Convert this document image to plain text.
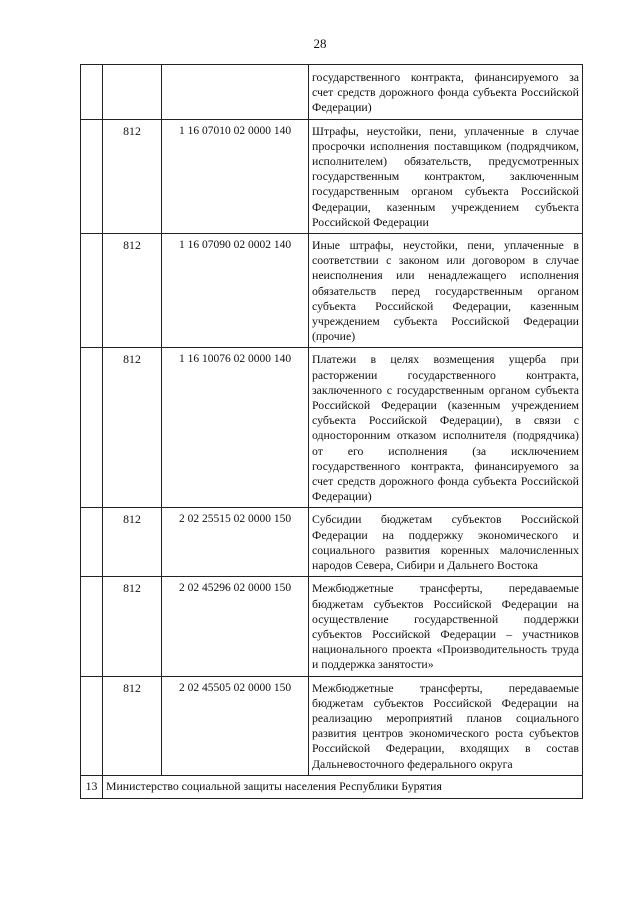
28
			государственного контракта, финансируемого за счет средств дорожного фонда субъекта Российской Федерации)
	812	1 16 07010 02 0000 140	Штрафы, неустойки, пени, уплаченные в случае просрочки исполнения поставщиком (подрядчиком, исполнителем) обязательств, предусмотренных государственным контрактом, заключенным государственным органом субъекта Российской Федерации, казенным учреждением субъекта Российской Федерации
	812	1 16 07090 02 0002 140	Иные штрафы, неустойки, пени, уплаченные в соответствии с законом или договором в случае неисполнения или ненадлежащего исполнения обязательств перед государственным органом субъекта Российской Федерации, казенным учреждением субъекта Российской Федерации (прочие)
	812	1 16 10076 02 0000 140	Платежи в целях возмещения ущерба при расторжении государственного контракта, заключенного с государственным органом субъекта Российской Федерации (казенным учреждением субъекта Российской Федерации), в связи с односторонним отказом исполнителя (подрядчика) от его исполнения (за исключением государственного контракта, финансируемого за счет средств дорожного фонда субъекта Российской Федерации)
	812	2 02 25515 02 0000 150	Субсидии бюджетам субъектов Российской Федерации на поддержку экономического и социального развития коренных малочисленных народов Севера, Сибири и Дальнего Востока
	812	2 02 45296 02 0000 150	Межбюджетные трансферты, передаваемые бюджетам субъектов Российской Федерации на осуществление государственной поддержки субъектов Российской Федерации – участников национального проекта «Производительность труда и поддержка занятости»
	812	2 02 45505 02 0000 150	Межбюджетные трансферты, передаваемые бюджетам субъектов Российской Федерации на реализацию мероприятий планов социального развития центров экономического роста субъектов Российской Федерации, входящих в состав Дальневосточного федерального округа
13	Министерство социальной защиты населения Республики Бурятия		
